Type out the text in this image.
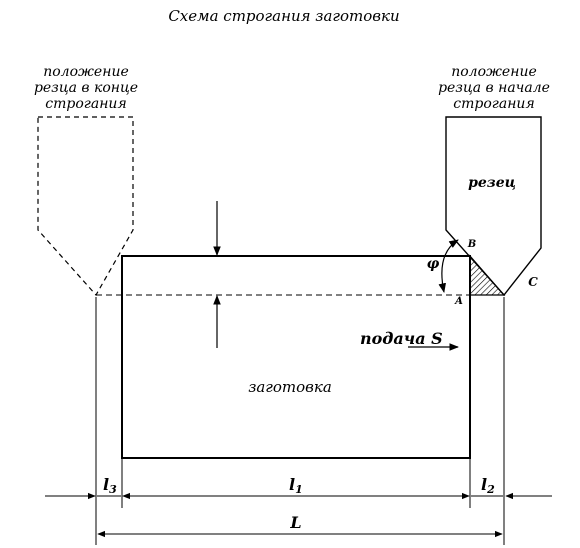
Схема строгания заготовки
положение
резца в конце
строгания
положение
резца в начале
строгания
резец
заготовка
подача S
φ
B
A
C
l3	l1	l2
L
